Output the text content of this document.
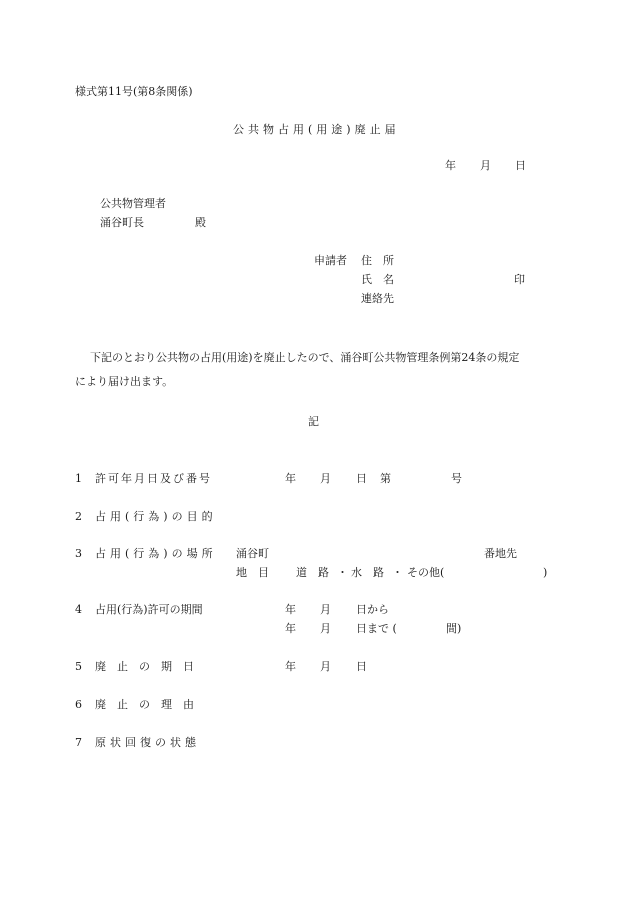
様式第11号(第8条関係)
公共物占用(用途)廃止届
年 月 日
公共物管理者
涌谷町長	殿
申請者 住　所
氏　名	印
連絡先
下記のとおり公共物の占用(用途)を廃止したので、涌谷町公共物管理条例第24条の規定
により届け出ます。
記
1 許可年月日及び番号	年 月 日 第	号
2 占用(行為)の目的
3 占用(行為)の場所 涌谷町	番地先
地　目 道　路 ・ 水　路 ・ その他(	)
4 占用(行為)許可の期間	年 月 日から
年 月 日まで (	間)
5 廃　止　の　期　日	年 月 日
6 廃　止　の　理　由
7 原状回復の状態
